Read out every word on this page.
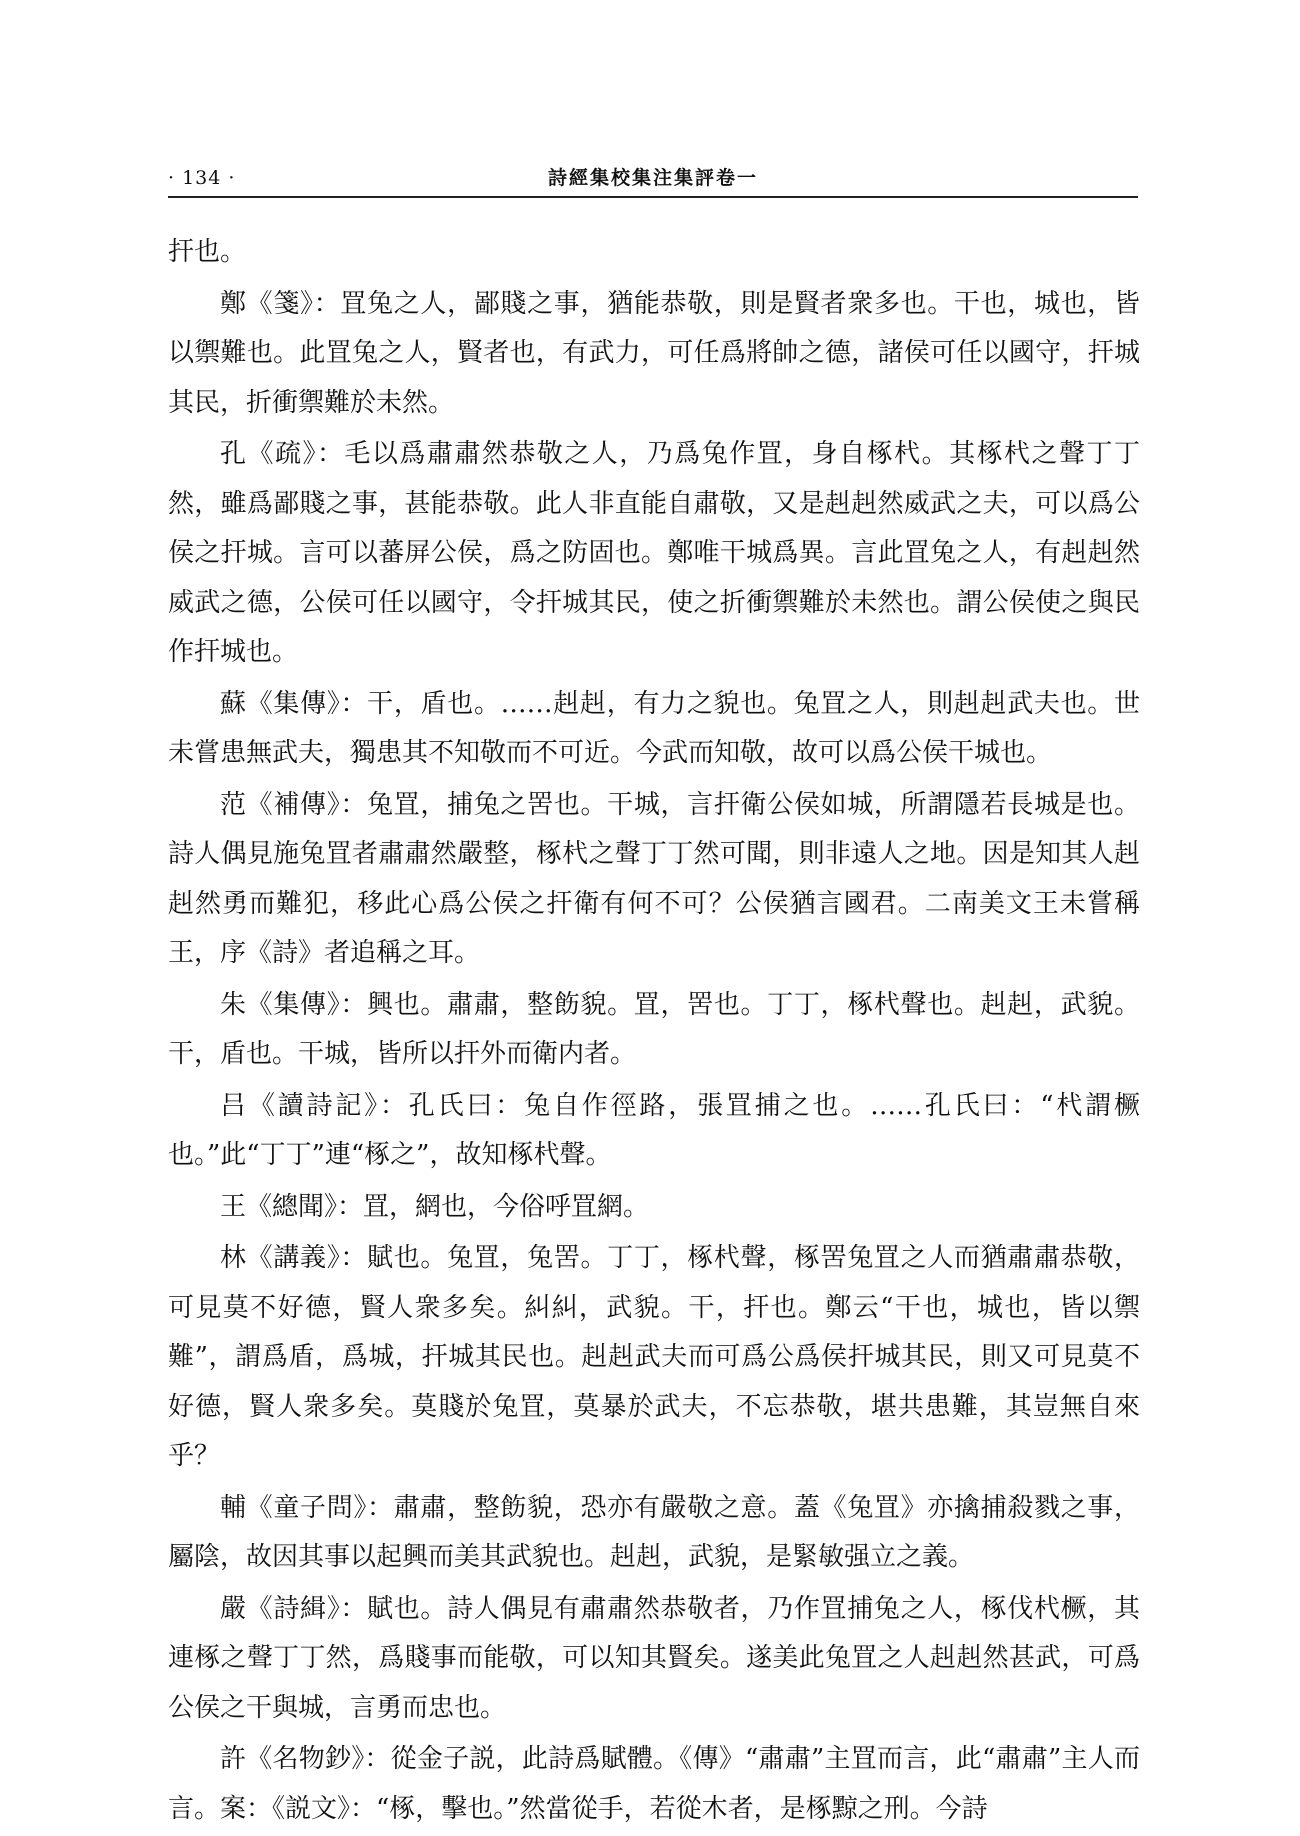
· 134 ·	詩經集校集注集評卷一

扞也。

鄭《箋》：罝兔之人，鄙賤之事，猶能恭敬，則是賢者衆多也。干也，城也，皆以禦難也。此罝兔之人，賢者也，有武力，可任爲將帥之德，諸侯可任以國守，扞城其民，折衝禦難於未然。

孔《疏》：毛以爲肅肅然恭敬之人，乃爲兔作罝，身自椓杙。其椓杙之聲丁丁然，雖爲鄙賤之事，甚能恭敬。此人非直能自肅敬，又是赳赳然威武之夫，可以爲公侯之扞城。言可以蕃屏公侯，爲之防固也。鄭唯干城爲異。言此罝兔之人，有赳赳然威武之德，公侯可任以國守，令扞城其民，使之折衝禦難於未然也。謂公侯使之與民作扞城也。

蘇《集傳》：干，盾也。……赳赳，有力之貌也。兔罝之人，則赳赳武夫也。世未嘗患無武夫，獨患其不知敬而不可近。今武而知敬，故可以爲公侯干城也。

范《補傳》：兔罝，捕兔之罟也。干城，言扞衛公侯如城，所謂隱若長城是也。詩人偶見施兔罝者肅肅然嚴整，椓杙之聲丁丁然可聞，則非遠人之地。因是知其人赳赳然勇而難犯，移此心爲公侯之扞衛有何不可？公侯猶言國君。二南美文王未嘗稱王，序《詩》者追稱之耳。

朱《集傳》：興也。肅肅，整飭貌。罝，罟也。丁丁，椓杙聲也。赳赳，武貌。干，盾也。干城，皆所以扞外而衛内者。

吕《讀詩記》：孔氏曰：兔自作徑路，張罝捕之也。……孔氏曰：“杙謂橛也。”此“丁丁”連“椓之”，故知椓杙聲。

王《總聞》：罝，網也，今俗呼罝網。

林《講義》：賦也。兔罝，兔罟。丁丁，椓杙聲，椓罟兔罝之人而猶肅肅恭敬，可見莫不好德，賢人衆多矣。糾糾，武貌。干，扞也。鄭云“干也，城也，皆以禦難”，謂爲盾，爲城，扞城其民也。赳赳武夫而可爲公爲侯扞城其民，則又可見莫不好德，賢人衆多矣。莫賤於兔罝，莫暴於武夫，不忘恭敬，堪共患難，其豈無自來乎？

輔《童子問》：肅肅，整飭貌，恐亦有嚴敬之意。蓋《兔罝》亦擒捕殺戮之事，屬陰，故因其事以起興而美其武貌也。赳赳，武貌，是緊敏强立之義。

嚴《詩緝》：賦也。詩人偶見有肅肅然恭敬者，乃作罝捕兔之人，椓伐杙橛，其連椓之聲丁丁然，爲賤事而能敬，可以知其賢矣。遂美此兔罝之人赳赳然甚武，可爲公侯之干與城，言勇而忠也。

許《名物鈔》：從金子説，此詩爲賦體。《傳》“肅肅”主罝而言，此“肅肅”主人而言。案：《説文》：“椓，擊也。”然當從手，若從木者，是椓黥之刑。今詩
